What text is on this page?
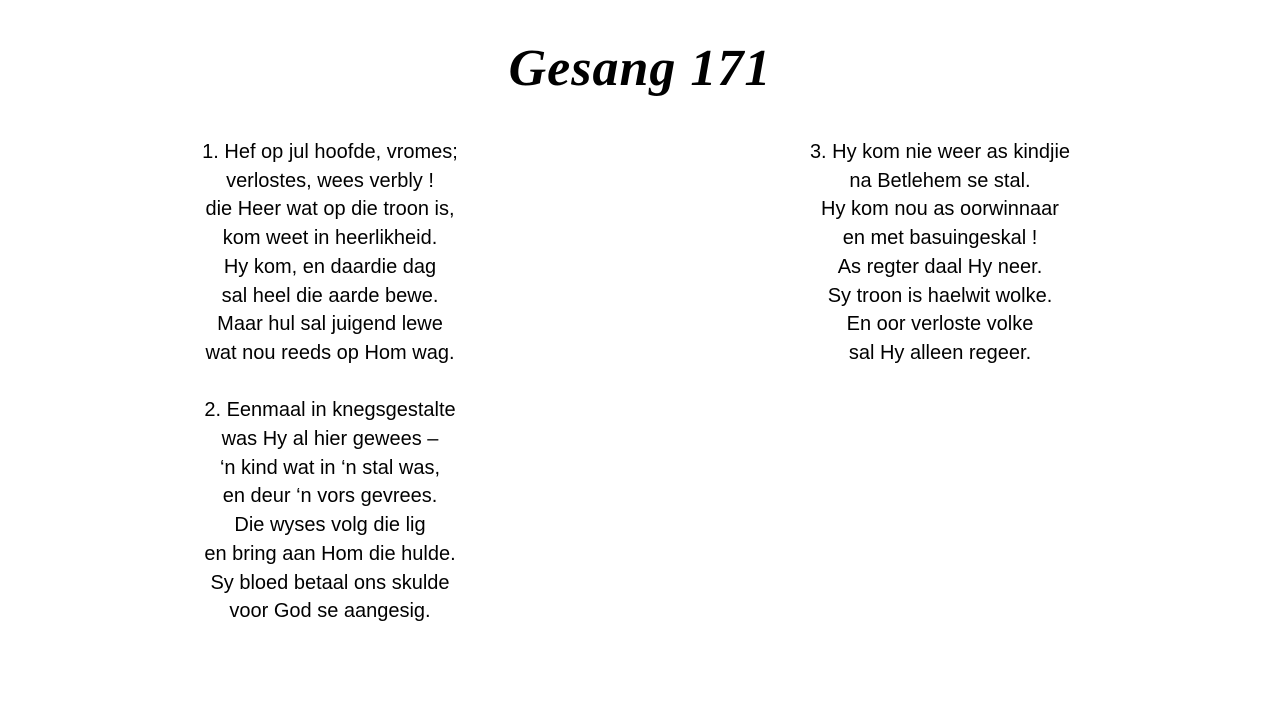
Gesang 171

1. Hef op jul hoofde, vromes;
verlostes, wees verbly !
die Heer wat op die troon is,
kom weet in heerlikheid.
Hy kom, en daardie dag
sal heel die aarde bewe.
Maar hul sal juigend lewe
wat nou reeds op Hom wag.

2. Eenmaal in knegsgestalte
was Hy al hier gewees –
‘n kind wat in ‘n stal was,
en deur ‘n vors gevrees.
Die wyses volg die lig
en bring aan Hom die hulde.
Sy bloed betaal ons skulde
voor God se aangesig.

3. Hy kom nie weer as kindjie
na Betlehem se stal.
Hy kom nou as oorwinnaar
en met basuingeskal !
As regter daal Hy neer.
Sy troon is haelwit wolke.
En oor verloste volke
sal Hy alleen regeer.
